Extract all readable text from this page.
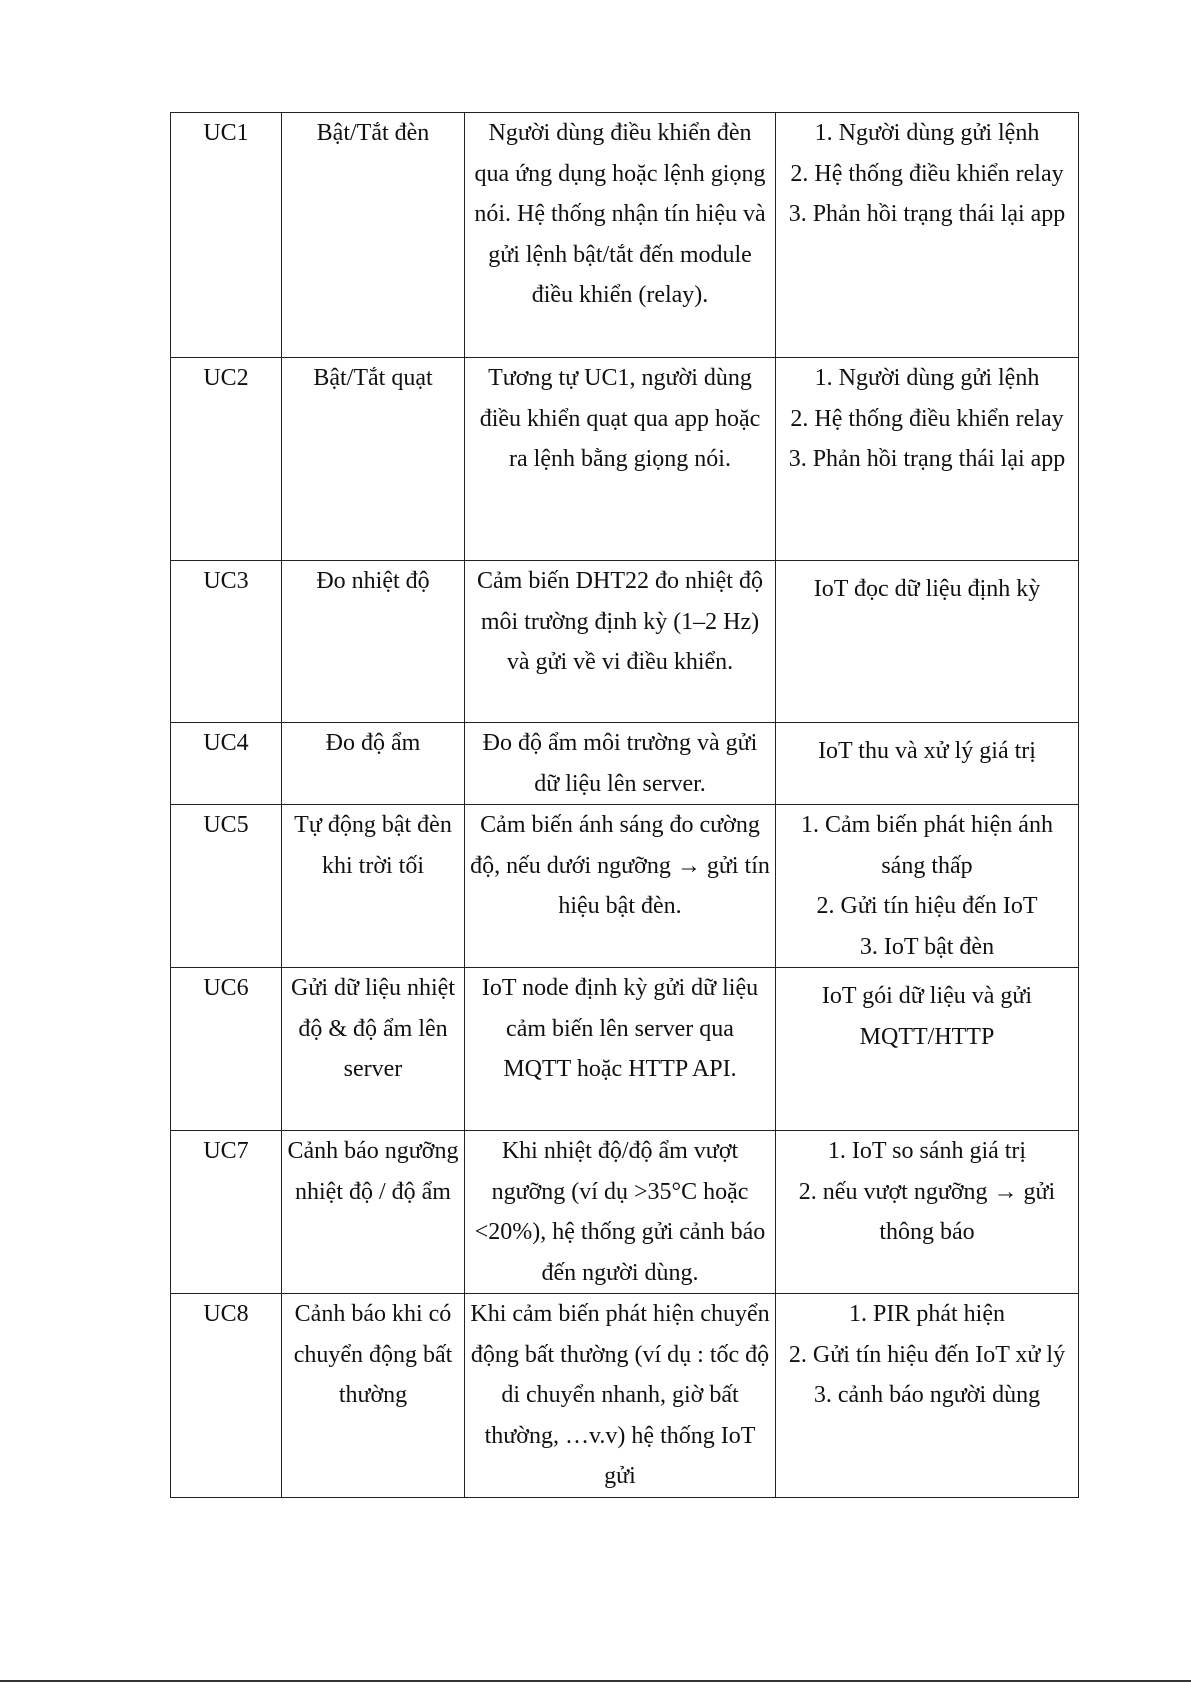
UC1	Bật/Tắt đèn	Người dùng điều khiển đèn qua ứng dụng hoặc lệnh giọng nói. Hệ thống nhận tín hiệu và gửi lệnh bật/tắt đến module điều khiển (relay).	1. Người dùng gửi lệnh
2. Hệ thống điều khiển relay
3. Phản hồi trạng thái lại app

UC2	Bật/Tắt quạt	Tương tự UC1, người dùng điều khiển quạt qua app hoặc ra lệnh bằng giọng nói.	1. Người dùng gửi lệnh
2. Hệ thống điều khiển relay
3. Phản hồi trạng thái lại app

UC3	Đo nhiệt độ	Cảm biến DHT22 đo nhiệt độ môi trường định kỳ (1–2 Hz) và gửi về vi điều khiển.	IoT đọc dữ liệu định kỳ

UC4	Đo độ ẩm	Đo độ ẩm môi trường và gửi dữ liệu lên server.	IoT thu và xử lý giá trị

UC5	Tự động bật đèn khi trời tối	Cảm biến ánh sáng đo cường độ, nếu dưới ngưỡng → gửi tín hiệu bật đèn.	1. Cảm biến phát hiện ánh sáng thấp
2. Gửi tín hiệu đến IoT
3. IoT bật đèn

UC6	Gửi dữ liệu nhiệt độ & độ ẩm lên server	IoT node định kỳ gửi dữ liệu cảm biến lên server qua MQTT hoặc HTTP API.	IoT gói dữ liệu và gửi MQTT/HTTP

UC7	Cảnh báo ngưỡng nhiệt độ / độ ẩm	Khi nhiệt độ/độ ẩm vượt ngưỡng (ví dụ >35°C hoặc <20%), hệ thống gửi cảnh báo đến người dùng.	1. IoT so sánh giá trị
2. nếu vượt ngưỡng → gửi thông báo

UC8	Cảnh báo khi có chuyển động bất thường	Khi cảm biến phát hiện chuyển động bất thường (ví dụ : tốc độ di chuyển nhanh, giờ bất thường, …v.v) hệ thống IoT gửi	1. PIR phát hiện
2. Gửi tín hiệu đến IoT xử lý
3. cảnh báo người dùng
